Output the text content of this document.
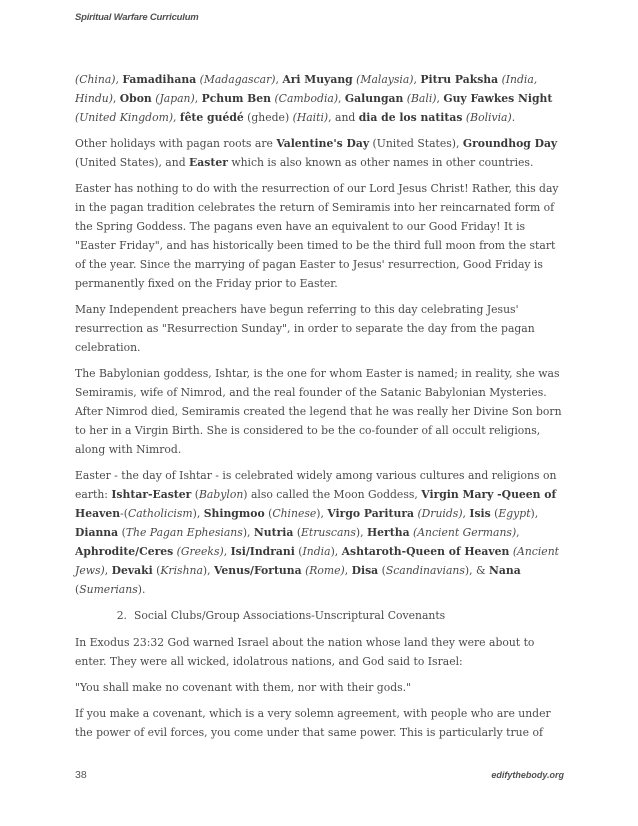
Spiritual Warfare Curriculum

(China), Famadihana (Madagascar), Ari Muyang (Malaysia), Pitru Paksha (India, Hindu), Obon (Japan), Pchum Ben (Cambodia), Galungan (Bali), Guy Fawkes Night (United Kingdom), fête guédé (ghede) (Haiti), and dia de los natitas (Bolivia).

Other holidays with pagan roots are Valentine's Day (United States), Groundhog Day (United States), and Easter which is also known as other names in other countries.

Easter has nothing to do with the resurrection of our Lord Jesus Christ! Rather, this day in the pagan tradition celebrates the return of Semiramis into her reincarnated form of the Spring Goddess. The pagans even have an equivalent to our Good Friday! It is "Easter Friday", and has historically been timed to be the third full moon from the start of the year. Since the marrying of pagan Easter to Jesus' resurrection, Good Friday is permanently fixed on the Friday prior to Easter.

Many Independent preachers have begun referring to this day celebrating Jesus' resurrection as "Resurrection Sunday", in order to separate the day from the pagan celebration.

The Babylonian goddess, Ishtar, is the one for whom Easter is named; in reality, she was Semiramis, wife of Nimrod, and the real founder of the Satanic Babylonian Mysteries. After Nimrod died, Semiramis created the legend that he was really her Divine Son born to her in a Virgin Birth. She is considered to be the co-founder of all occult religions, along with Nimrod.

Easter - the day of Ishtar - is celebrated widely among various cultures and religions on earth: Ishtar-Easter (Babylon) also called the Moon Goddess, Virgin Mary -Queen of Heaven-(Catholicism), Shingmoo (Chinese), Virgo Paritura (Druids), Isis (Egypt), Dianna (The Pagan Ephesians), Nutria (Etruscans), Hertha (Ancient Germans), Aphrodite/Ceres (Greeks), Isi/Indrani (India), Ashtaroth-Queen of Heaven (Ancient Jews), Devaki (Krishna), Venus/Fortuna (Rome), Disa (Scandinavians), & Nana (Sumerians).

2. Social Clubs/Group Associations-Unscriptural Covenants

In Exodus 23:32 God warned Israel about the nation whose land they were about to enter. They were all wicked, idolatrous nations, and God said to Israel:

"You shall make no covenant with them, nor with their gods."

If you make a covenant, which is a very solemn agreement, with people who are under the power of evil forces, you come under that same power. This is particularly true of

38	edifythebody.org
